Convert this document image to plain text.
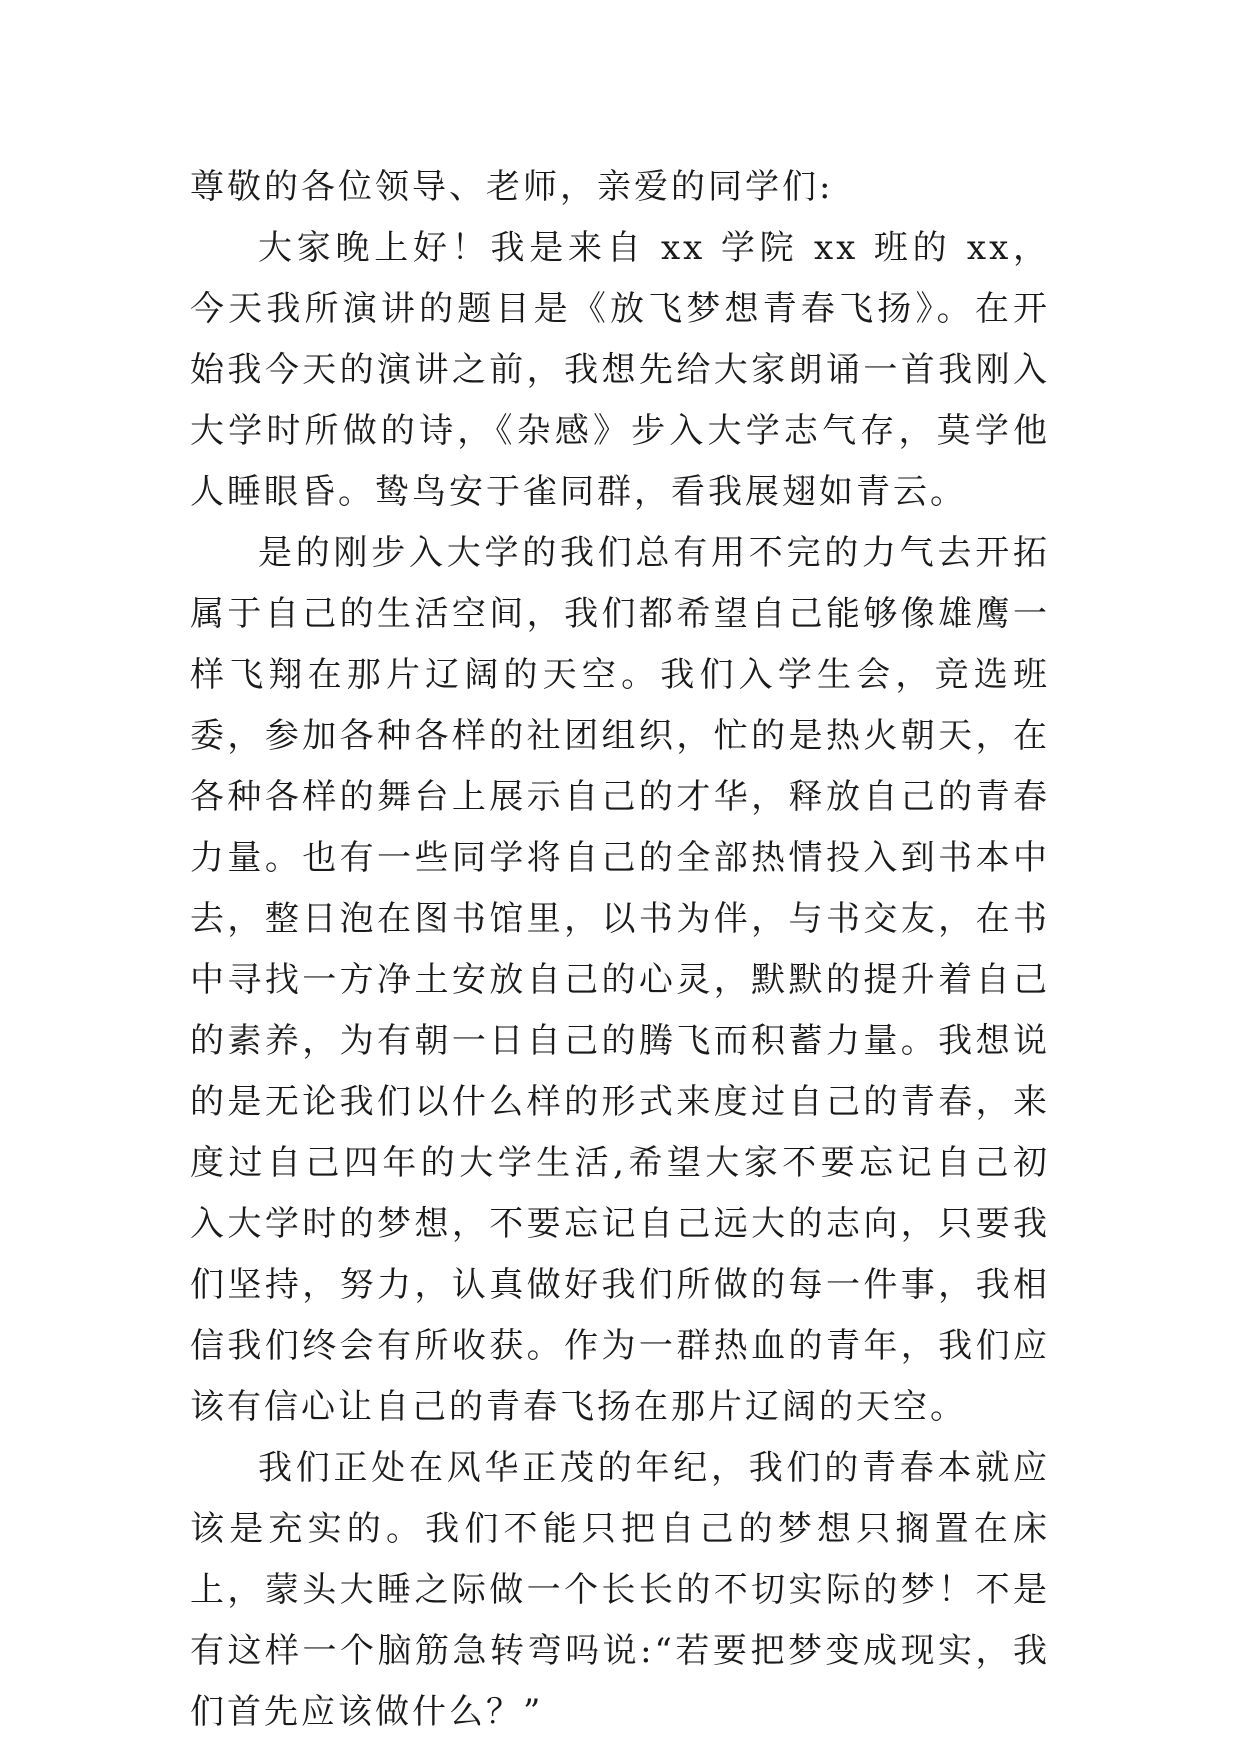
尊敬的各位领导、老师，亲爱的同学们:

大家晚上好！我是来自 xx 学院 xx 班的 xx，今天我所演讲的题目是《放飞梦想青春飞扬》。在开始我今天的演讲之前，我想先给大家朗诵一首我刚入大学时所做的诗，《杂感》步入大学志气存，莫学他人睡眼昏。鸷鸟安于雀同群，看我展翅如青云。

是的刚步入大学的我们总有用不完的力气去开拓属于自己的生活空间，我们都希望自己能够像雄鹰一样飞翔在那片辽阔的天空。我们入学生会，竞选班委，参加各种各样的社团组织，忙的是热火朝天，在各种各样的舞台上展示自己的才华，释放自己的青春力量。也有一些同学将自己的全部热情投入到书本中去，整日泡在图书馆里，以书为伴，与书交友，在书中寻找一方净土安放自己的心灵，默默的提升着自己的素养，为有朝一日自己的腾飞而积蓄力量。我想说的是无论我们以什么样的形式来度过自己的青春，来度过自己四年的大学生活,希望大家不要忘记自己初入大学时的梦想，不要忘记自己远大的志向，只要我们坚持，努力，认真做好我们所做的每一件事，我相信我们终会有所收获。作为一群热血的青年，我们应该有信心让自己的青春飞扬在那片辽阔的天空。

我们正处在风华正茂的年纪，我们的青春本就应该是充实的。我们不能只把自己的梦想只搁置在床上，蒙头大睡之际做一个长长的不切实际的梦！不是有这样一个脑筋急转弯吗说:“若要把梦变成现实，我们首先应该做什么？”
